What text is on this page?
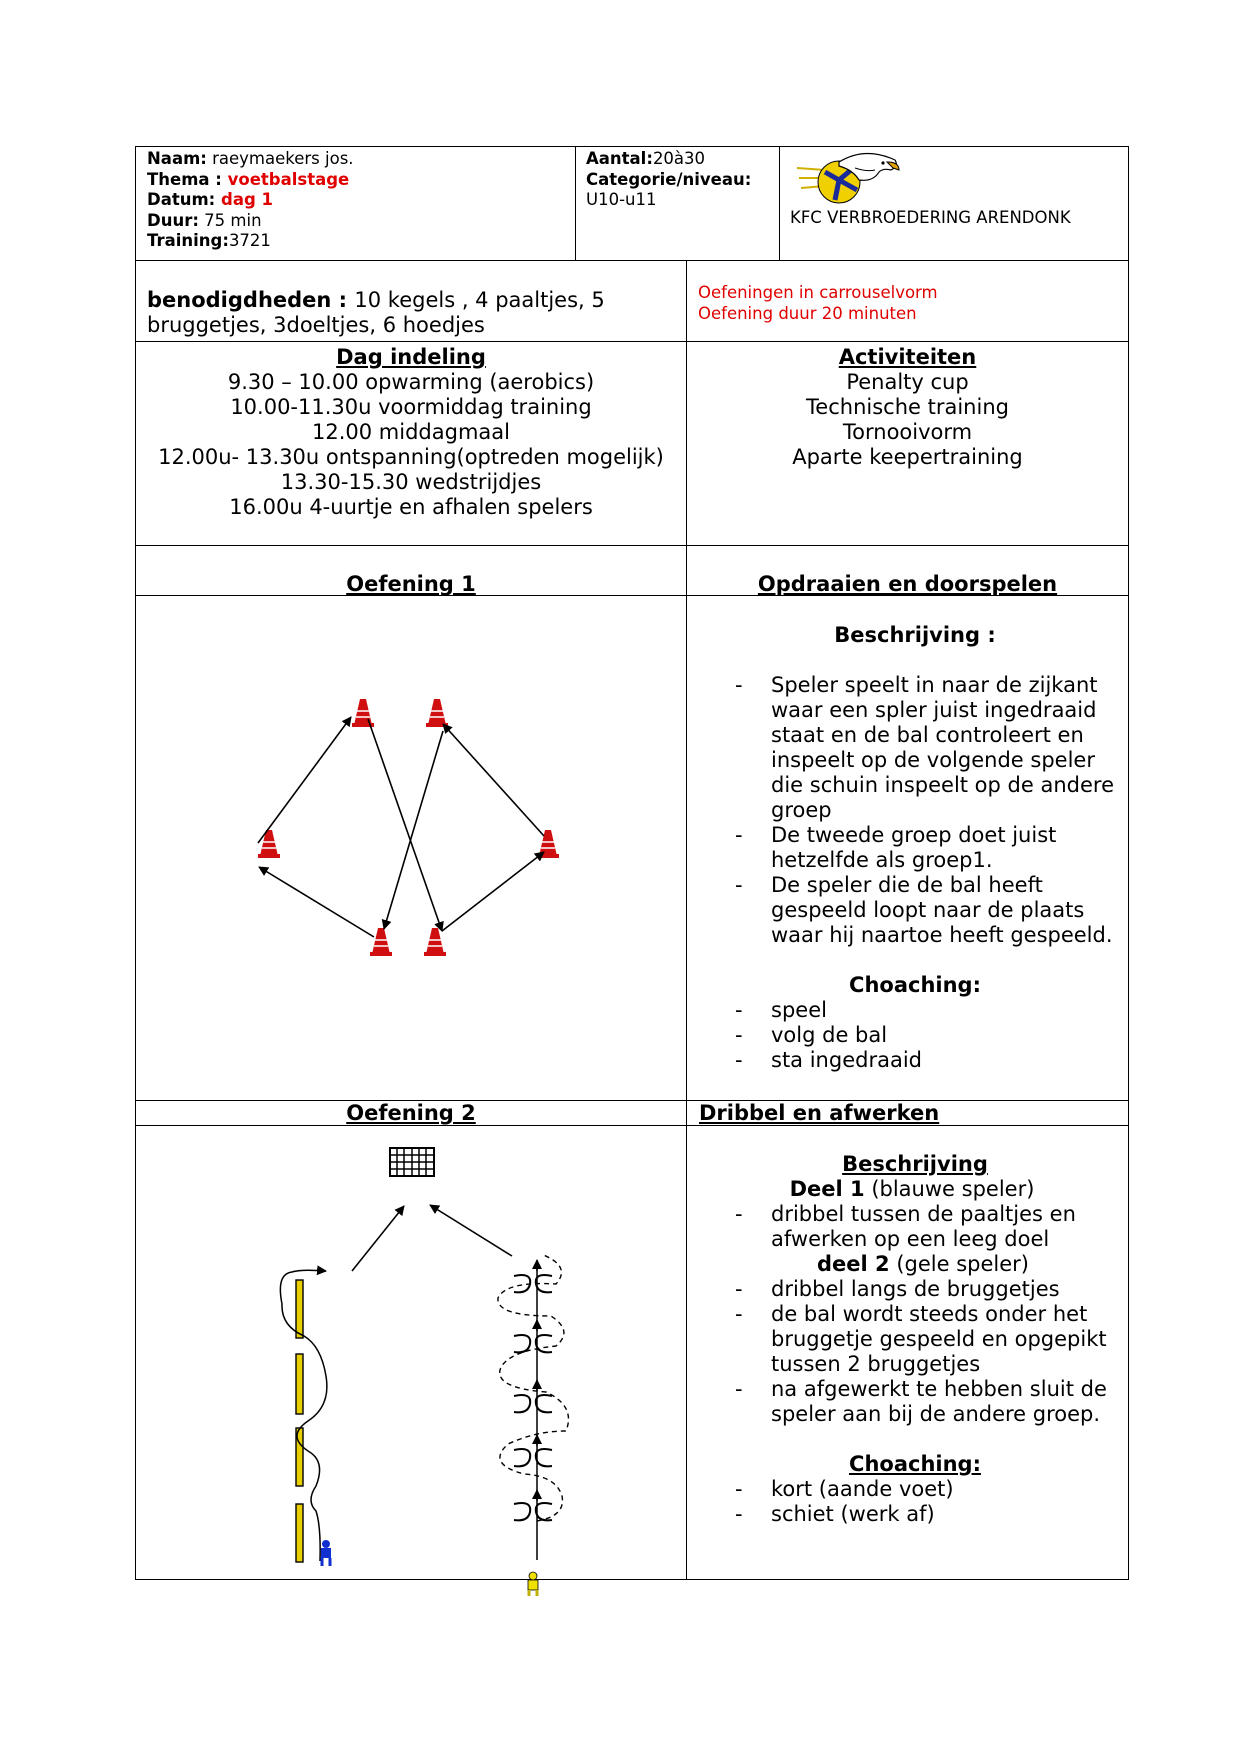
Naam: raeymaekers jos.
Thema : voetbalstage
Datum: dag 1
Duur: 75 min
Training:3721
Aantal:20à30
Categorie/niveau:
U10-u11
KFC VERBROEDERING ARENDONK
benodigdheden : 10 kegels , 4 paaltjes, 5 bruggetjes, 3doeltjes, 6 hoedjes
Oefeningen in carrouselvorm
Oefening duur 20 minuten
Dag indeling
9.30 – 10.00 opwarming (aerobics)
10.00-11.30u voormiddag training
12.00 middagmaal
12.00u- 13.30u ontspanning(optreden mogelijk)
13.30-15.30 wedstrijdjes
16.00u 4-uurtje en afhalen spelers
Activiteiten
Penalty cup
Technische training
Tornooivorm
Aparte keepertraining
Oefening 1	Opdraaien en doorspelen
Beschrijving :
- Speler speelt in naar de zijkant waar een spler juist ingedraaid staat en de bal controleert en inspeelt op de volgende speler die schuin inspeelt op de andere groep
- De tweede groep doet juist hetzelfde als groep1.
- De speler die de bal heeft gespeeld loopt naar de plaats waar hij naartoe heeft gespeeld.
Choaching:
- speel
- volg de bal
- sta ingedraaid
Oefening 2	Dribbel en afwerken
Beschrijving
Deel 1 (blauwe speler)
- dribbel tussen de paaltjes en afwerken op een leeg doel
deel 2 (gele speler)
- dribbel langs de bruggetjes
- de bal wordt steeds onder het bruggetje gespeeld en opgepikt tussen 2 bruggetjes
- na afgewerkt te hebben sluit de speler aan bij de andere groep.
Choaching:
- kort (aande voet)
- schiet (werk af)
